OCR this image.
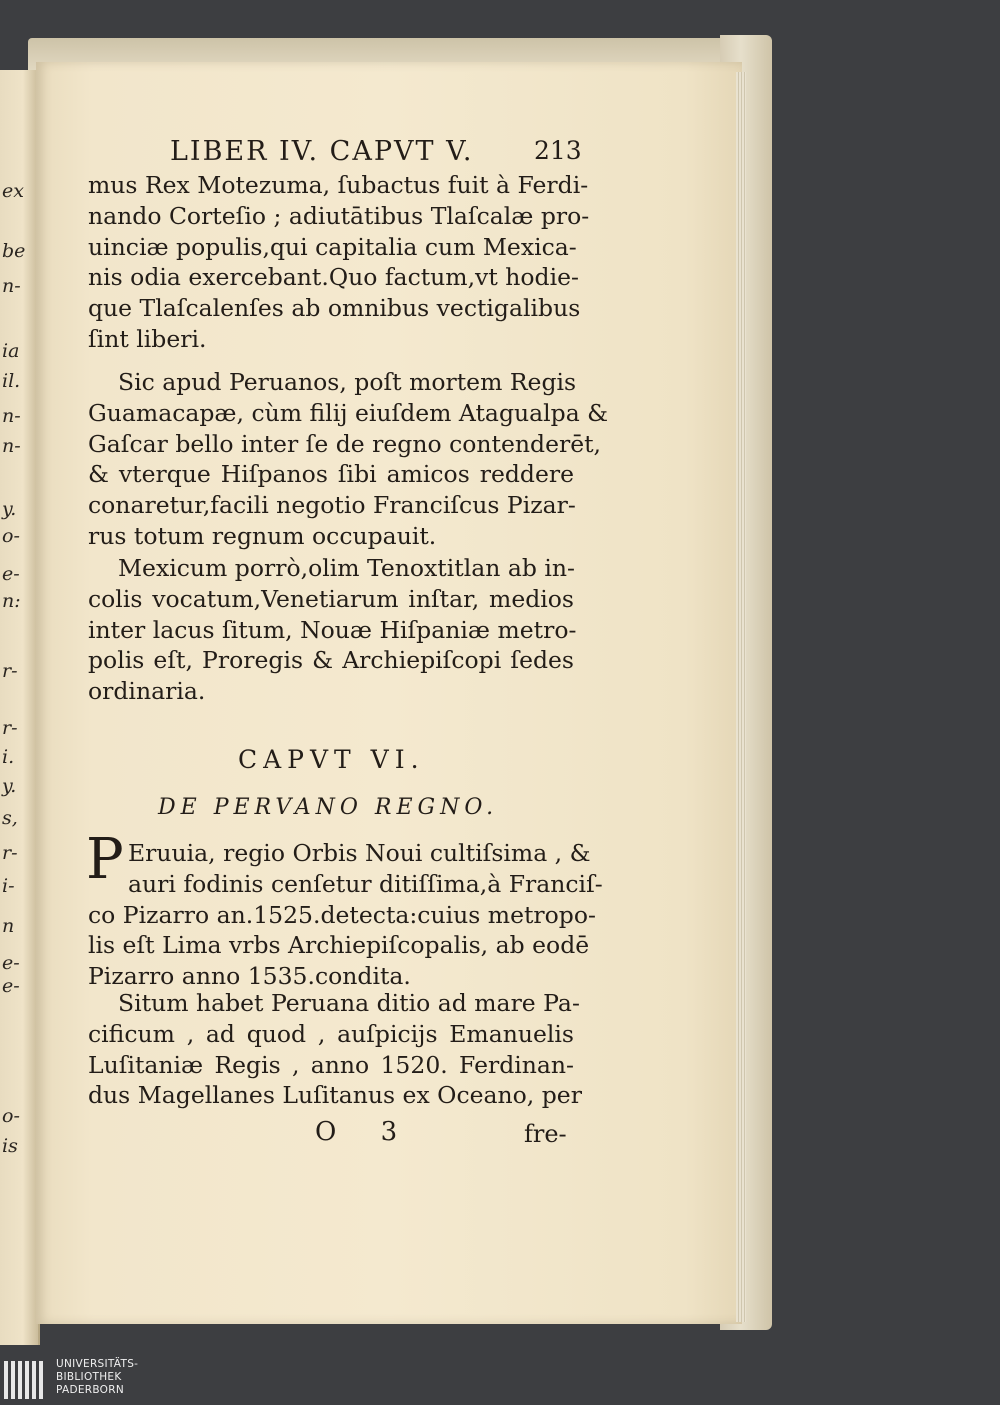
ex
be
n-
ia
il.
n-
n-
y.
o-
e-
n:
r-
r-
i.
y.
s,
r-
i-
n
e-
e-
o-
is
LIBER IV. CAPVT V. 213
mus Rex Motezuma, ſubactus fuit à Ferdi-
nando Corteſio ; adiutātibus Tlaſcalæ pro-
uinciæ populis,qui capitalia cum Mexica-
nis odia exercebant.Quo factum,vt hodie-
que Tlaſcalenſes ab omnibus vectigalibus
ſint liberi.
Sic apud Peruanos, poſt mortem Regis
Guamacapæ, cùm filij eiuſdem Atagualpa &
Gaſcar bello inter ſe de regno contenderēt,
& vterque Hiſpanos ſibi amicos reddere
conaretur,facili negotio Franciſcus Pizar-
rus totum regnum occupauit.
Mexicum porrò,olim Tenoxtitlan ab in-
colis vocatum,Venetiarum inſtar, medios
inter lacus ſitum, Nouæ Hiſpaniæ metro-
polis eſt, Proregis & Archiepiſcopi ſedes
ordinaria.
Eruuia, regio Orbis Noui cultiſsima , &
auri fodinis cenſetur ditiſſima,à Franciſ-
co Pizarro an.1525.detecta:cuius metropo-
lis eſt Lima vrbs Archiepiſcopalis, ab eodē
Pizarro anno 1535.condita.
Situm habet Peruana ditio ad mare Pa-
cificum , ad quod , auſpicijs Emanuelis
Luſitaniæ Regis , anno 1520. Ferdinan-
dus Magellanes Luſitanus ex Oceano, per
CAPVT VI.
DE PERVANO REGNO.
P
O 3	fre-
UNIVERSITÄTS-
BIBLIOTHEK
PADERBORN
